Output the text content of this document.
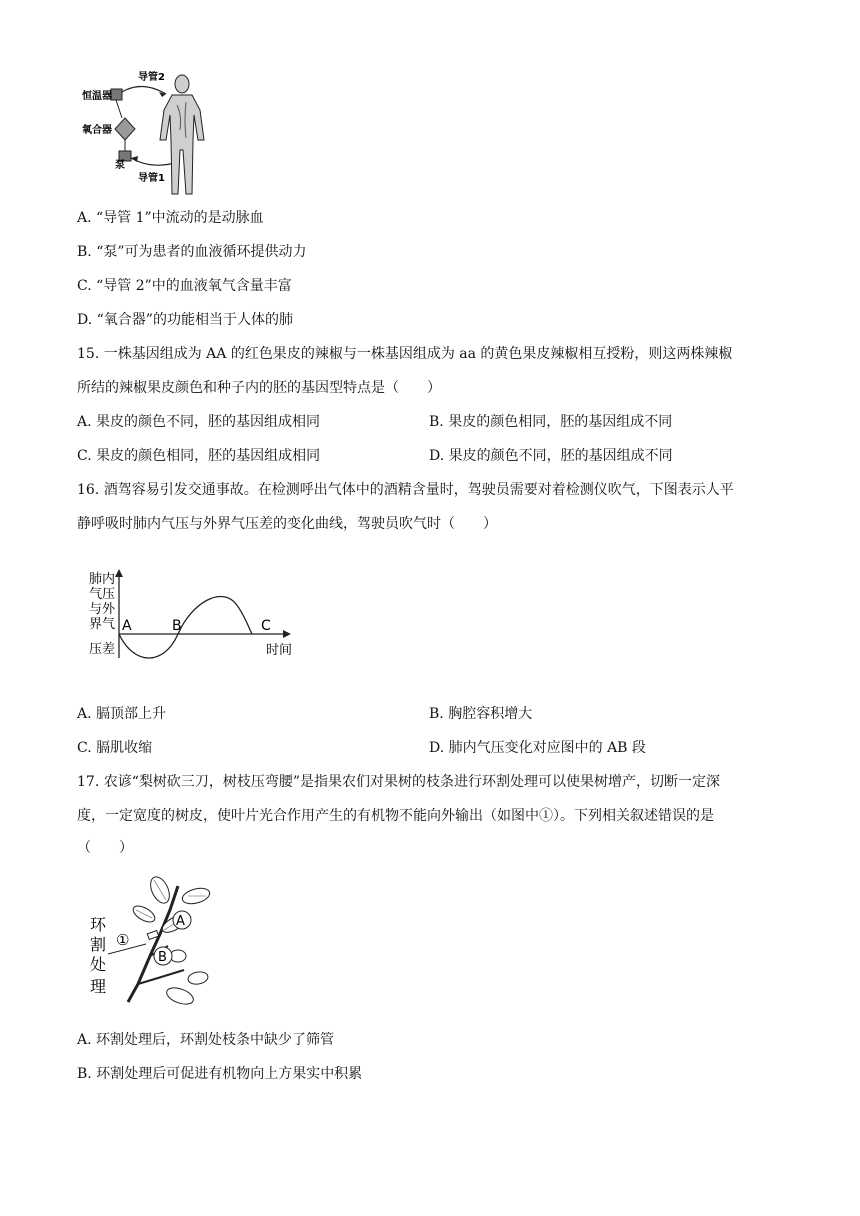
导管2
恒温器
氧合器
泵
导管1
A. “导管 1”中流动的是动脉血
B. “泵”可为患者的血液循环提供动力
C. “导管 2”中的血液氧气含量丰富
D. “氧合器”的功能相当于人体的肺
15. 一株基因组成为 AA 的红色果皮的辣椒与一株基因组成为 aa 的黄色果皮辣椒相互授粉，则这两株辣椒
所结的辣椒果皮颜色和种子内的胚的基因型特点是（　　）
A. 果皮的颜色不同，胚的基因组成相同	B. 果皮的颜色相同，胚的基因组成不同
C. 果皮的颜色相同，胚的基因组成相同	D. 果皮的颜色不同，胚的基因组成不同
16. 酒驾容易引发交通事故。在检测呼出气体中的酒精含量时，驾驶员需要对着检测仪吹气，下图表示人平
静呼吸时肺内气压与外界气压差的变化曲线，驾驶员吹气时（　　）
肺内
气压
与外
界气
压差
A	B	C
时间
A. 膈顶部上升	B. 胸腔容积增大
C. 膈肌收缩	D. 肺内气压变化对应图中的 AB 段
17. 农谚“梨树砍三刀，树枝压弯腰”是指果农们对果树的枝条进行环割处理可以使果树增产，切断一定深
度，一定宽度的树皮，使叶片光合作用产生的有机物不能向外输出（如图中①）。下列相关叙述错误的是
（　　）
环
割
处
理
①
A
B
A. 环割处理后，环割处枝条中缺少了筛管
B. 环割处理后可促进有机物向上方果实中积累
